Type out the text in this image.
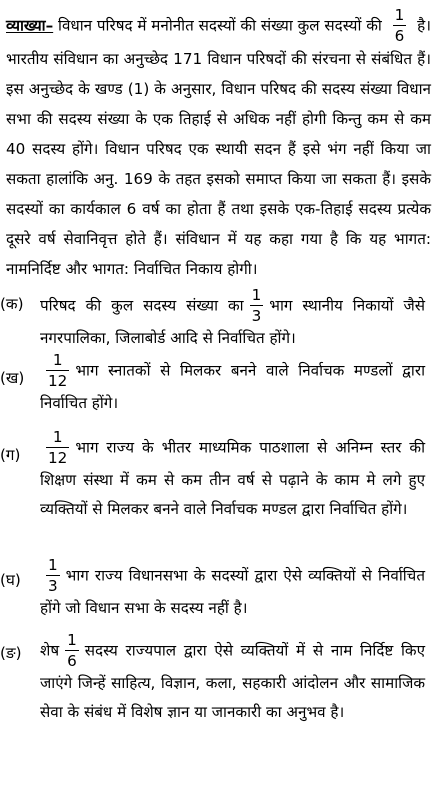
व्याख्या– विधान परिषद में मनोनीत सदस्यों की संख्या कुल सदस्यों की $\frac{1}{6}$ है। भारतीय संविधान का अनुच्छेद 171 विधान परिषदों की संरचना से संबंधित हैं। इस अनुच्छेद के खण्ड (1) के अनुसार, विधान परिषद की सदस्य संख्या विधान सभा की सदस्य संख्या के एक तिहाई से अधिक नहीं होगी किन्तु कम से कम 40 सदस्य होंगे। विधान परिषद एक स्थायी सदन हैं इसे भंग नहीं किया जा सकता हालांकि अनु. 169 के तहत इसको समाप्त किया जा सकता हैं। इसके सदस्यों का कार्यकाल 6 वर्ष का होता हैं तथा इसके एक-तिहाई सदस्य प्रत्येक दूसरे वर्ष सेवानिवृत्त होते हैं। संविधान में यह कहा गया है कि यह भागत: नामनिर्दिष्ट और भागत: निर्वाचित निकाय होगी।
(क) परिषद की कुल सदस्य संख्या का $\frac{1}{3}$ भाग स्थानीय निकायों जैसे नगरपालिका, जिलाबोर्ड आदि से निर्वाचित होंगे।
(ख) $\frac{1}{12}$ भाग स्नातकों से मिलकर बनने वाले निर्वाचक मण्डलों द्वारा निर्वाचित होंगे।
(ग) $\frac{1}{12}$ भाग राज्य के भीतर माध्यमिक पाठशाला से अनिम्न स्तर की शिक्षण संस्था में कम से कम तीन वर्ष से पढ़ाने के काम मे लगे हुए व्यक्तियों से मिलकर बनने वाले निर्वाचक मण्डल द्वारा निर्वाचित होंगे।
(घ) $\frac{1}{3}$ भाग राज्य विधानसभा के सदस्यों द्वारा ऐसे व्यक्तियों से निर्वाचित होंगे जो विधान सभा के सदस्य नहीं है।
(ङ) शेष $\frac{1}{6}$ सदस्य राज्यपाल द्वारा ऐसे व्यक्तियों में से नाम निर्दिष्ट किए जाएंगे जिन्हें साहित्य, विज्ञान, कला, सहकारी आंदोलन और सामाजिक सेवा के संबंध में विशेष ज्ञान या जानकारी का अनुभव है।
